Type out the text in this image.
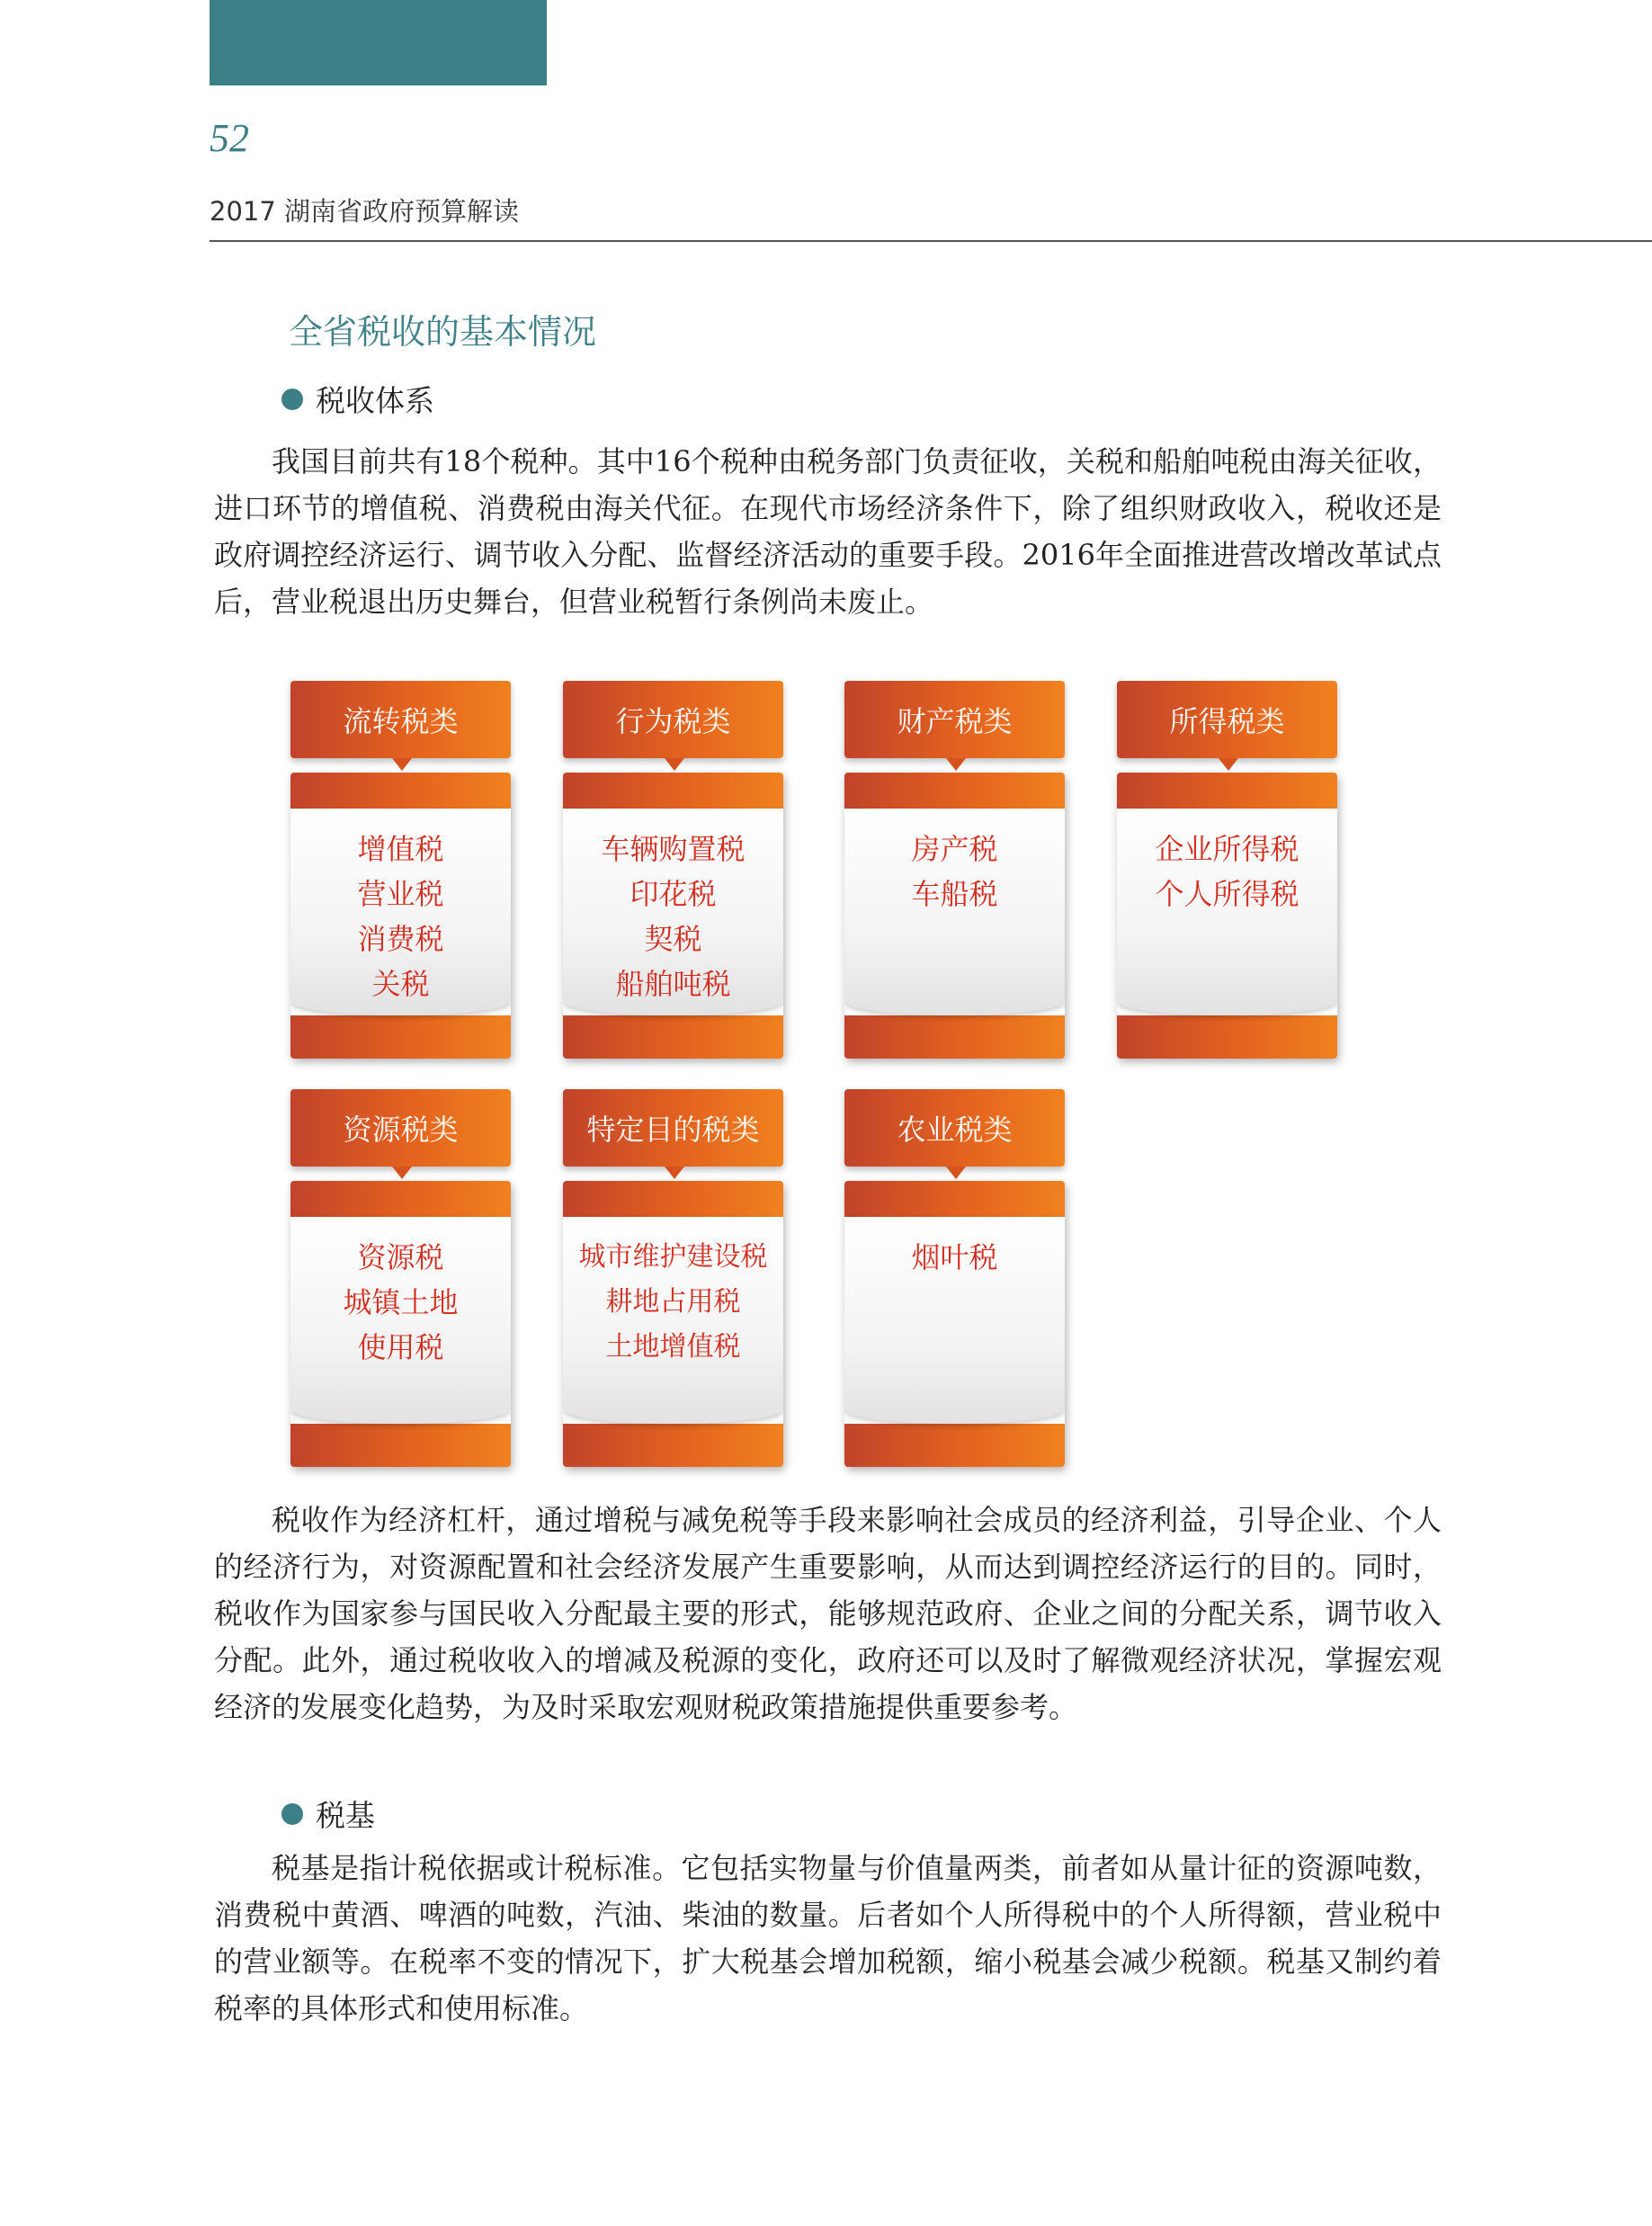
52
2017 湖南省政府预算解读
全省税收的基本情况
税收体系

我国目前共有18个税种。其中16个税种由税务部门负责征收，关税和船舶吨税由海关征收，进口环节的增值税、消费税由海关代征。在现代市场经济条件下，除了组织财政收入，税收还是政府调控经济运行、调节收入分配、监督经济活动的重要手段。2016年全面推进营改增改革试点后，营业税退出历史舞台，但营业税暂行条例尚未废止。

流转税类
增值税
营业税
消费税
关税
行为税类
车辆购置税
印花税
契税
船舶吨税
财产税类
房产税
车船税
所得税类
企业所得税
个人所得税
资源税类
资源税
城镇土地
使用税
特定目的税类
城市维护建设税
耕地占用税
土地增值税
农业税类
烟叶税

税收作为经济杠杆，通过增税与减免税等手段来影响社会成员的经济利益，引导企业、个人的经济行为，对资源配置和社会经济发展产生重要影响，从而达到调控经济运行的目的。同时，税收作为国家参与国民收入分配最主要的形式，能够规范政府、企业之间的分配关系，调节收入分配。此外，通过税收收入的增减及税源的变化，政府还可以及时了解微观经济状况，掌握宏观经济的发展变化趋势，为及时采取宏观财税政策措施提供重要参考。

税基

税基是指计税依据或计税标准。它包括实物量与价值量两类，前者如从量计征的资源吨数，消费税中黄酒、啤酒的吨数，汽油、柴油的数量。后者如个人所得税中的个人所得额，营业税中的营业额等。在税率不变的情况下，扩大税基会增加税额，缩小税基会减少税额。税基又制约着税率的具体形式和使用标准。
